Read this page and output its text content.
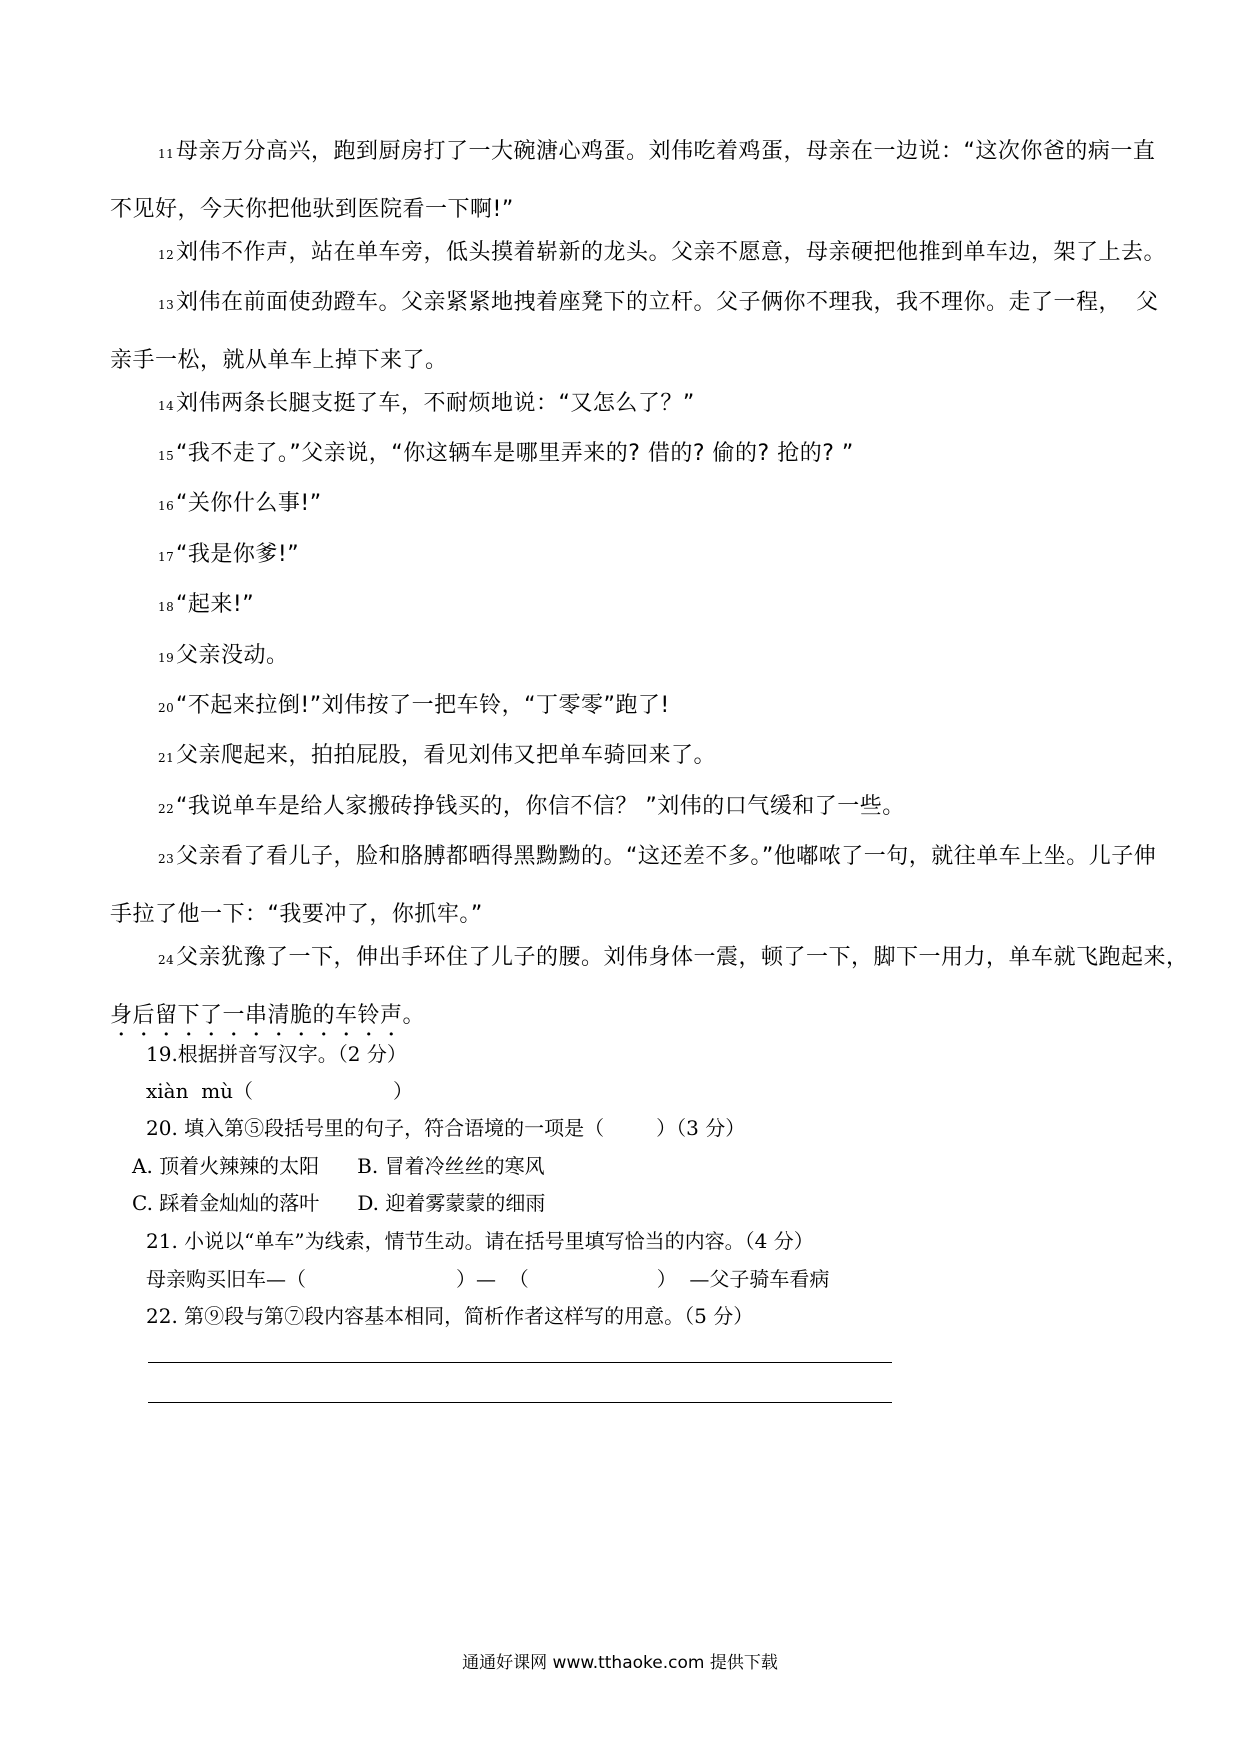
11母亲万分高兴，跑到厨房打了一大碗溏心鸡蛋。刘伟吃着鸡蛋，母亲在一边说：“这次你爸的病一直
不见好，今天你把他驮到医院看一下啊!”
12刘伟不作声，站在单车旁，低头摸着崭新的龙头。父亲不愿意，母亲硬把他推到单车边，架了上去。
13刘伟在前面使劲蹬车。父亲紧紧地拽着座凳下的立杆。父子俩你不理我，我不理你。走了一程，  父
亲手一松，就从单车上掉下来了。
14刘伟两条长腿支挺了车，不耐烦地说：“又怎么了？”
15“我不走了。”父亲说，“你这辆车是哪里弄来的? 借的? 偷的? 抢的? ”
16“关你什么事!”
17“我是你爹!”
18“起来!”
19父亲没动。
20“不起来拉倒!”刘伟按了一把车铃，“丁零零”跑了!
21父亲爬起来，拍拍屁股，看见刘伟又把单车骑回来了。
22“我说单车是给人家搬砖挣钱买的，你信不信？ ”刘伟的口气缓和了一些。
23父亲看了看儿子，脸和胳膊都晒得黑黝黝的。“这还差不多。”他嘟哝了一句，就往单车上坐。儿子伸
手拉了他一下：“我要冲了，你抓牢。”
24父亲犹豫了一下，伸出手环住了儿子的腰。刘伟身体一震，顿了一下，脚下一用力，单车就飞跑起来，
身后留下了一串清脆的车铃声。
19.根据拼音写汉字。（2 分）
xiàn  mù（	）
20. 填入第⑤段括号里的句子，符合语境的一项是（	）（3 分）
A. 顶着火辣辣的太阳 B. 冒着冷丝丝的寒风
C. 踩着金灿灿的落叶 D. 迎着雾蒙蒙的细雨
21. 小说以“单车”为线索，情节生动。请在括号里填写恰当的内容。（4 分）
母亲购买旧车—（	）—  （	）  —父子骑车看病
22. 第⑨段与第⑦段内容基本相同，简析作者这样写的用意。（5 分）
通通好课网 www.tthaoke.com 提供下载
